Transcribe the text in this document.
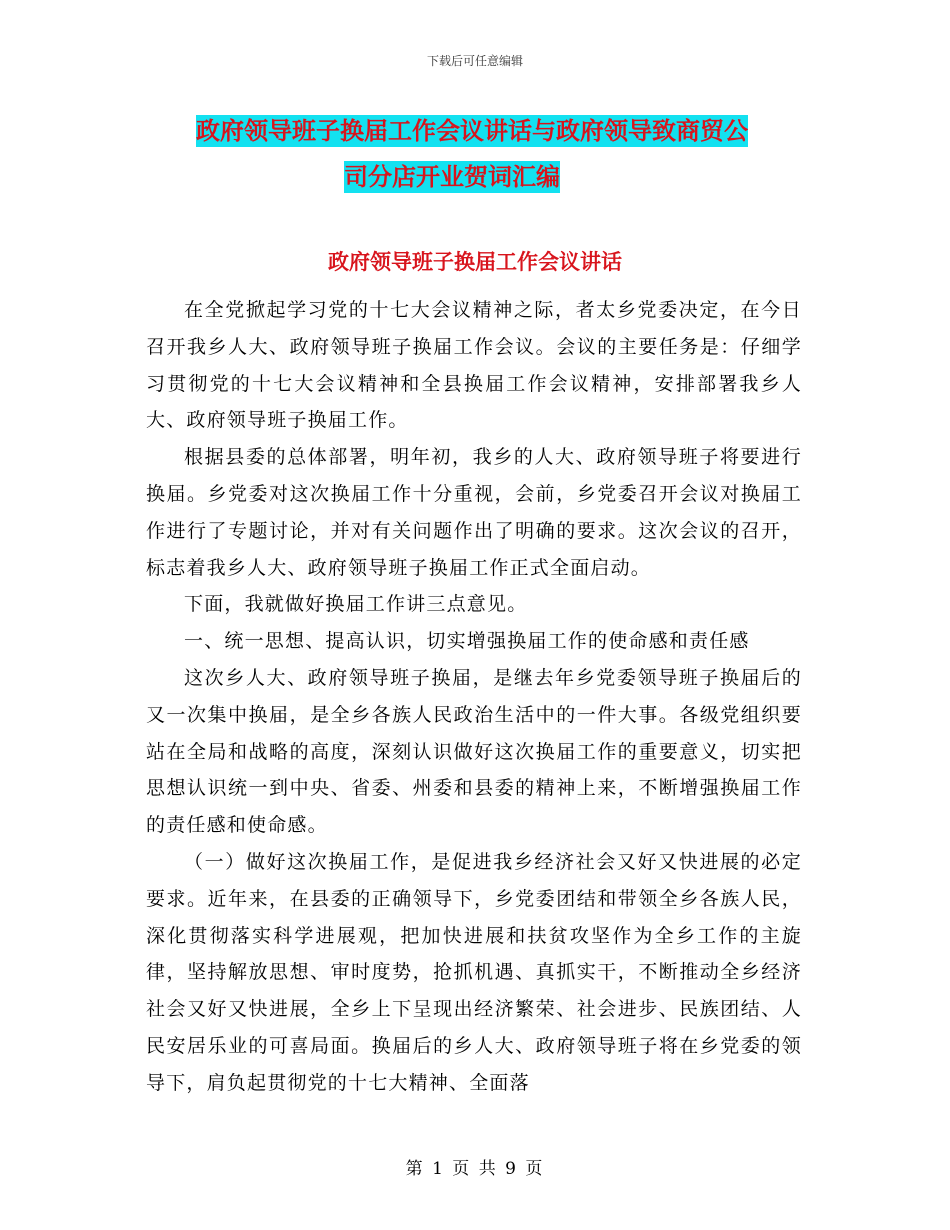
下载后可任意编辑
政府领导班子换届工作会议讲话与政府领导致商贸公
司分店开业贺词汇编
政府领导班子换届工作会议讲话

在全党掀起学习党的十七大会议精神之际，者太乡党委决定，在今日召开我乡人大、政府领导班子换届工作会议。会议的主要任务是：仔细学习贯彻党的十七大会议精神和全县换届工作会议精神，安排部署我乡人大、政府领导班子换届工作。

根据县委的总体部署，明年初，我乡的人大、政府领导班子将要进行换届。乡党委对这次换届工作十分重视，会前，乡党委召开会议对换届工作进行了专题讨论，并对有关问题作出了明确的要求。这次会议的召开，标志着我乡人大、政府领导班子换届工作正式全面启动。

下面，我就做好换届工作讲三点意见。

一、统一思想、提高认识，切实增强换届工作的使命感和责任感

这次乡人大、政府领导班子换届，是继去年乡党委领导班子换届后的又一次集中换届，是全乡各族人民政治生活中的一件大事。各级党组织要站在全局和战略的高度，深刻认识做好这次换届工作的重要意义，切实把思想认识统一到中央、省委、州委和县委的精神上来，不断增强换届工作的责任感和使命感。

（一）做好这次换届工作，是促进我乡经济社会又好又快进展的必定要求。近年来，在县委的正确领导下，乡党委团结和带领全乡各族人民，深化贯彻落实科学进展观，把加快进展和扶贫攻坚作为全乡工作的主旋律，坚持解放思想、审时度势，抢抓机遇、真抓实干，不断推动全乡经济社会又好又快进展，全乡上下呈现出经济繁荣、社会进步、民族团结、人民安居乐业的可喜局面。换届后的乡人大、政府领导班子将在乡党委的领导下，肩负起贯彻党的十七大精神、全面落

第 1 页 共 9 页
